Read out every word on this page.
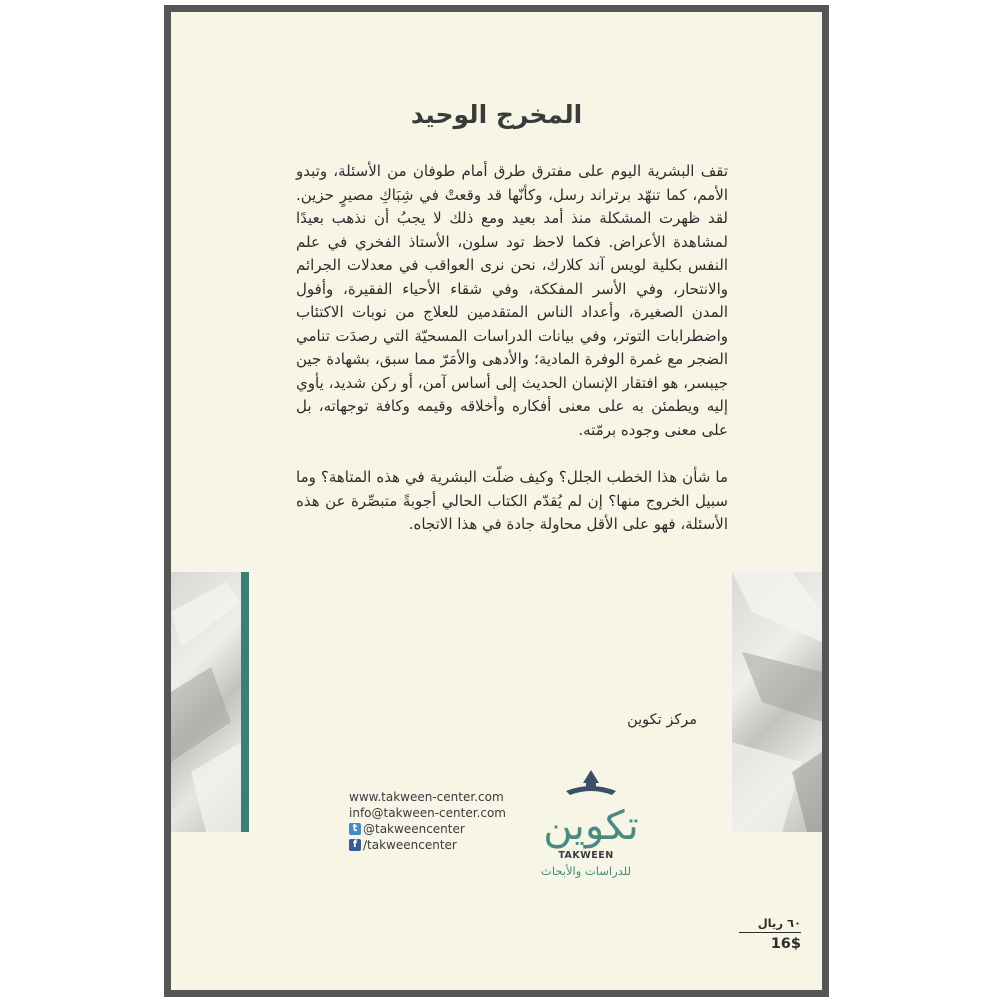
المخرج الوحيد

تقف البشرية اليوم على مفترق طرق أمام طوفان من الأسئلة، وتبدو الأمم، كما تنهّد برتراند رسل، وكأنّها قد وقعتْ في شِبَاكِ مصيرٍ حزين. لقد ظهرت المشكلة منذ أمد بعيد ومع ذلك لا يجبُ أن نذهب بعيدًا لمشاهدة الأعراض. فكما لاحظ تود سلون، الأستاذ الفخري في علم النفس بكلية لويس آند كلارك، نحن نرى العواقب في معدلات الجرائم والانتحار، وفي الأسر المفككة، وفي شقاء الأحياء الفقيرة، وأفول المدن الصغيرة، وأعداد الناس المتقدمين للعلاج من نوبات الاكتئاب واضطرابات التوتر، وفي بيانات الدراسات المسحيّة التي رصدَت تنامي الضجر مع غمرة الوفرة المادية؛ والأدهى والأمَرّ مما سبق، بشهادة جين جيبسر، هو افتقار الإنسان الحديث إلى أساس آمن، أو ركن شديد، يأوي إليه ويطمئن به على معنى أفكاره وأخلاقه وقيمه وكافة توجهاته، بل على معنى وجوده برمّته.

ما شأن هذا الخطب الجلل؟ وكيف ضلّت البشرية في هذه المتاهة؟ وما سبيل الخروج منها؟ إن لم يُقدّم الكتاب الحالي أجوبةً متبصِّرة عن هذه الأسئلة، فهو على الأقل محاولة جادة في هذا الاتجاه.

مركز تكوين
www.takween-center.com
info@takween-center.com
t @takweencenter
f /takweencenter تكوين
TAKWEEN
للدراسات والأبحاث
٦٠ ريال
16$
